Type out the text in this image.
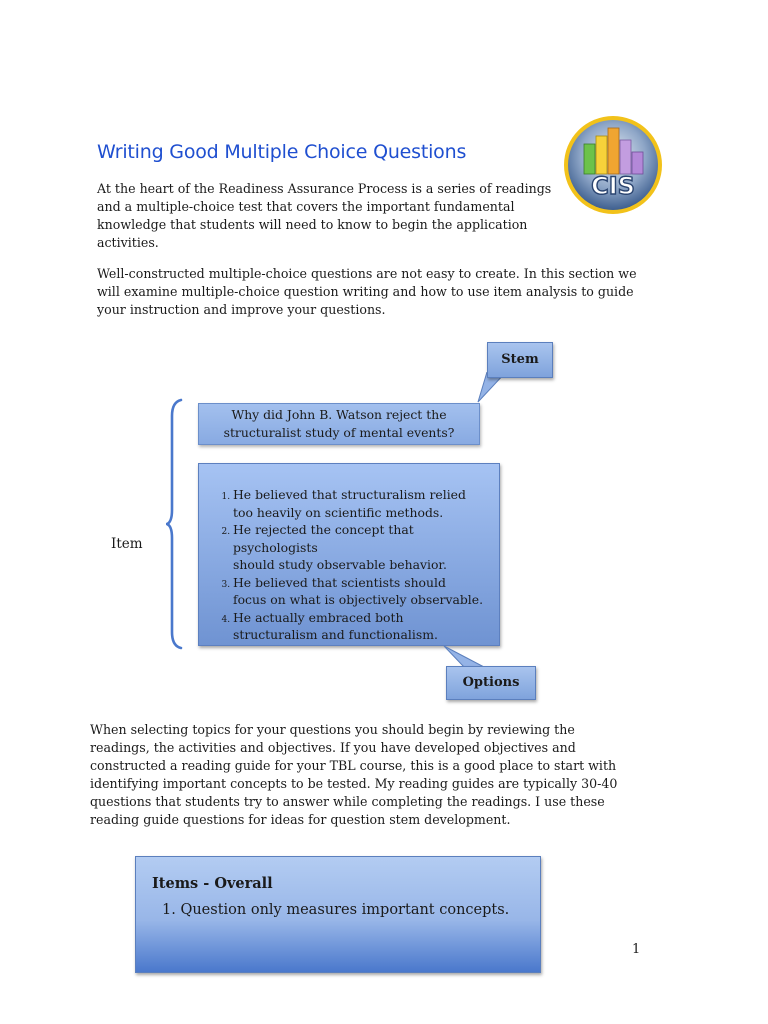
Writing Good Multiple Choice Questions
CIS
At the heart of the Readiness Assurance Process is a series of readings and a multiple-choice test that covers the important fundamental knowledge that students will need to know to begin the application activities.
Well-constructed multiple-choice questions are not easy to create. In this section we will examine multiple-choice question writing and how to use item analysis to guide your instruction and improve your questions.
Stem
Why did John B. Watson reject the
structuralist study of mental events?
Item
1. He believed that structuralism relied
too heavily on scientific methods.
2. He rejected the concept that psychologists
should study observable behavior.
3. He believed that scientists should
focus on what is objectively observable.
4. He actually embraced both
structuralism and functionalism.
Options
When selecting topics for your questions you should begin by reviewing the readings, the activities and objectives. If you have developed objectives and constructed a reading guide for your TBL course, this is a good place to start with identifying important concepts to be tested. My reading guides are typically 30-40 questions that students try to answer while completing the readings. I use these reading guide questions for ideas for question stem development.
Items - Overall
1. Question only measures important concepts.
1
